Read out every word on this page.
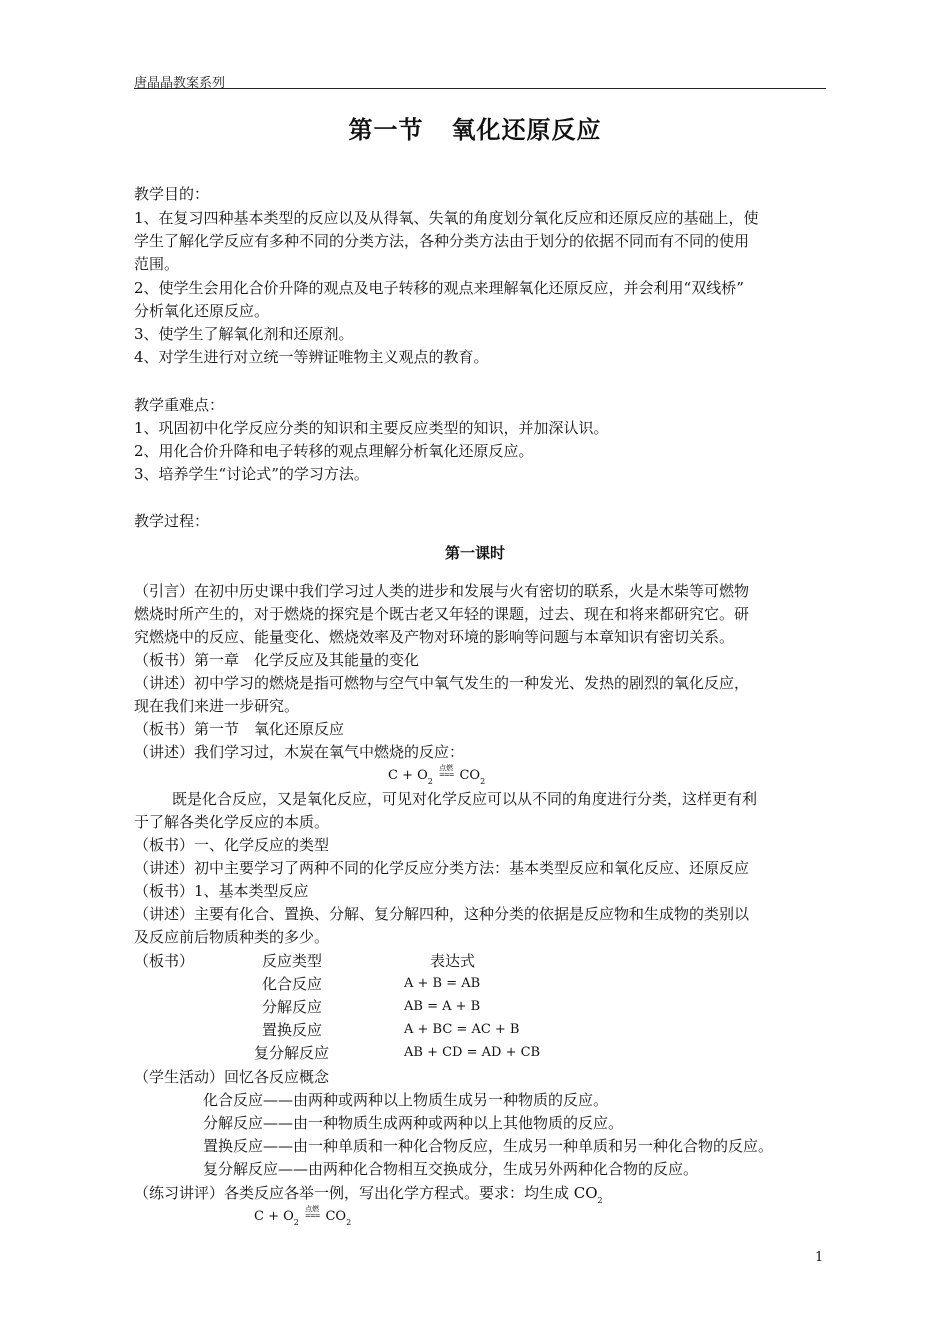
唐晶晶教案系列
第一节 氧化还原反应
教学目的：
1、在复习四种基本类型的反应以及从得氧、失氧的角度划分氧化反应和还原反应的基础上，使
学生了解化学反应有多种不同的分类方法，各种分类方法由于划分的依据不同而有不同的使用
范围。
2、使学生会用化合价升降的观点及电子转移的观点来理解氧化还原反应，并会利用“双线桥”
分析氧化还原反应。
3、使学生了解氧化剂和还原剂。
4、对学生进行对立统一等辨证唯物主义观点的教育。
教学重难点：
1、巩固初中化学反应分类的知识和主要反应类型的知识，并加深认识。
2、用化合价升降和电子转移的观点理解分析氧化还原反应。
3、培养学生“讨论式”的学习方法。
教学过程：
第一课时
（引言）在初中历史课中我们学习过人类的进步和发展与火有密切的联系，火是木柴等可燃物
燃烧时所产生的，对于燃烧的探究是个既古老又年轻的课题，过去、现在和将来都研究它。研
究燃烧中的反应、能量变化、燃烧效率及产物对环境的影响等问题与本章知识有密切关系。
（板书）第一章　化学反应及其能量的变化
（讲述）初中学习的燃烧是指可燃物与空气中氧气发生的一种发光、发热的剧烈的氧化反应，
现在我们来进一步研究。
（板书）第一节　氧化还原反应
（讲述）我们学习过，木炭在氧气中燃烧的反应：
$C + O_2$点燃
=== $CO_2$
既是化合反应，又是氧化反应，可见对化学反应可以从不同的角度进行分类，这样更有利
于了解各类化学反应的本质。
（板书）一、化学反应的类型
（讲述）初中主要学习了两种不同的化学反应分类方法：基本类型反应和氧化反应、还原反应
（板书）1、基本类型反应
（讲述）主要有化合、置换、分解、复分解四种，这种分类的依据是反应物和生成物的类别以
及反应前后物质种类的多少。
（板书）	反应类型	表达式
化合反应	A + B = AB
分解反应	AB = A + B
置换反应	A + BC = AC + B
复分解反应	AB + CD = AD + CB
（学生活动）回忆各反应概念
化合反应——由两种或两种以上物质生成另一种物质的反应。
分解反应——由一种物质生成两种或两种以上其他物质的反应。
置换反应——由一种单质和一种化合物反应，生成另一种单质和另一种化合物的反应。
复分解反应——由两种化合物相互交换成分，生成另外两种化合物的反应。
（练习讲评）各类反应各举一例，写出化学方程式。要求：均生成 $CO_2$
$C + O_2$点燃
=== $CO_2$
1
